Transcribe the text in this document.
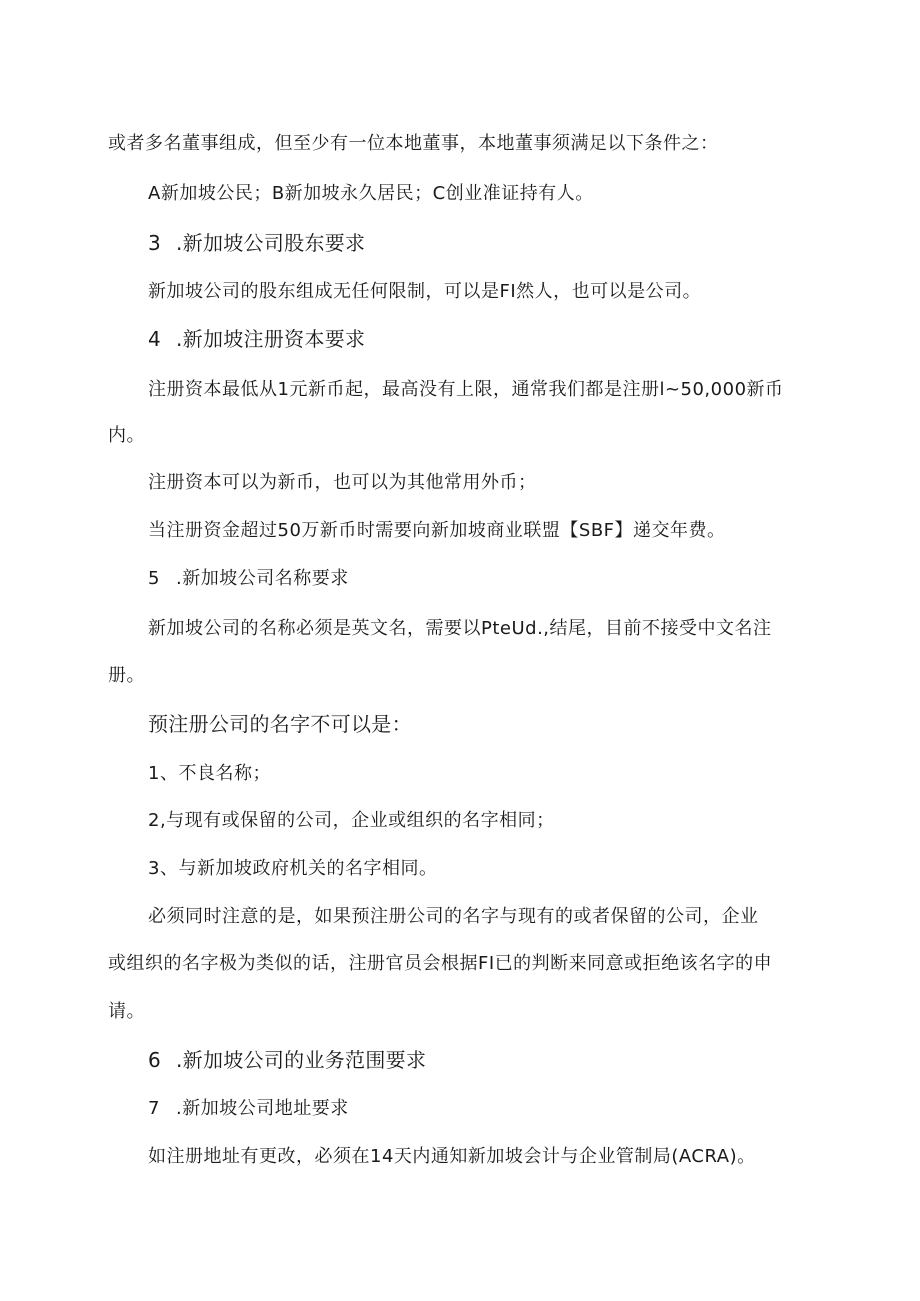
或者多名董事组成，但至少有一位本地董事，本地董事须满足以下条件之：
A新加坡公民；B新加坡永久居民；C创业准证持有人。
3 .新加坡公司股东要求
新加坡公司的股东组成无任何限制，可以是FI然人，也可以是公司。
4 .新加坡注册资本要求
注册资本最低从1元新币起，最高没有上限，通常我们都是注册l~50,000新币
内。
注册资本可以为新币，也可以为其他常用外币；
当注册资金超过50万新币时需要向新加坡商业联盟【SBF】递交年费。
5 .新加坡公司名称要求
新加坡公司的名称必须是英文名，需要以PteUd.,结尾，目前不接受中文名注
册。
预注册公司的名字不可以是：
1、不良名称；
2,与现有或保留的公司，企业或组织的名字相同；
3、与新加坡政府机关的名字相同。
必须同时注意的是，如果预注册公司的名字与现有的或者保留的公司，企业
或组织的名字极为类似的话，注册官员会根据FI已的判断来同意或拒绝该名字的申
请。
6 .新加坡公司的业务范围要求
7 .新加坡公司地址要求
如注册地址有更改，必须在14天内通知新加坡会计与企业管制局(ACRA)。
